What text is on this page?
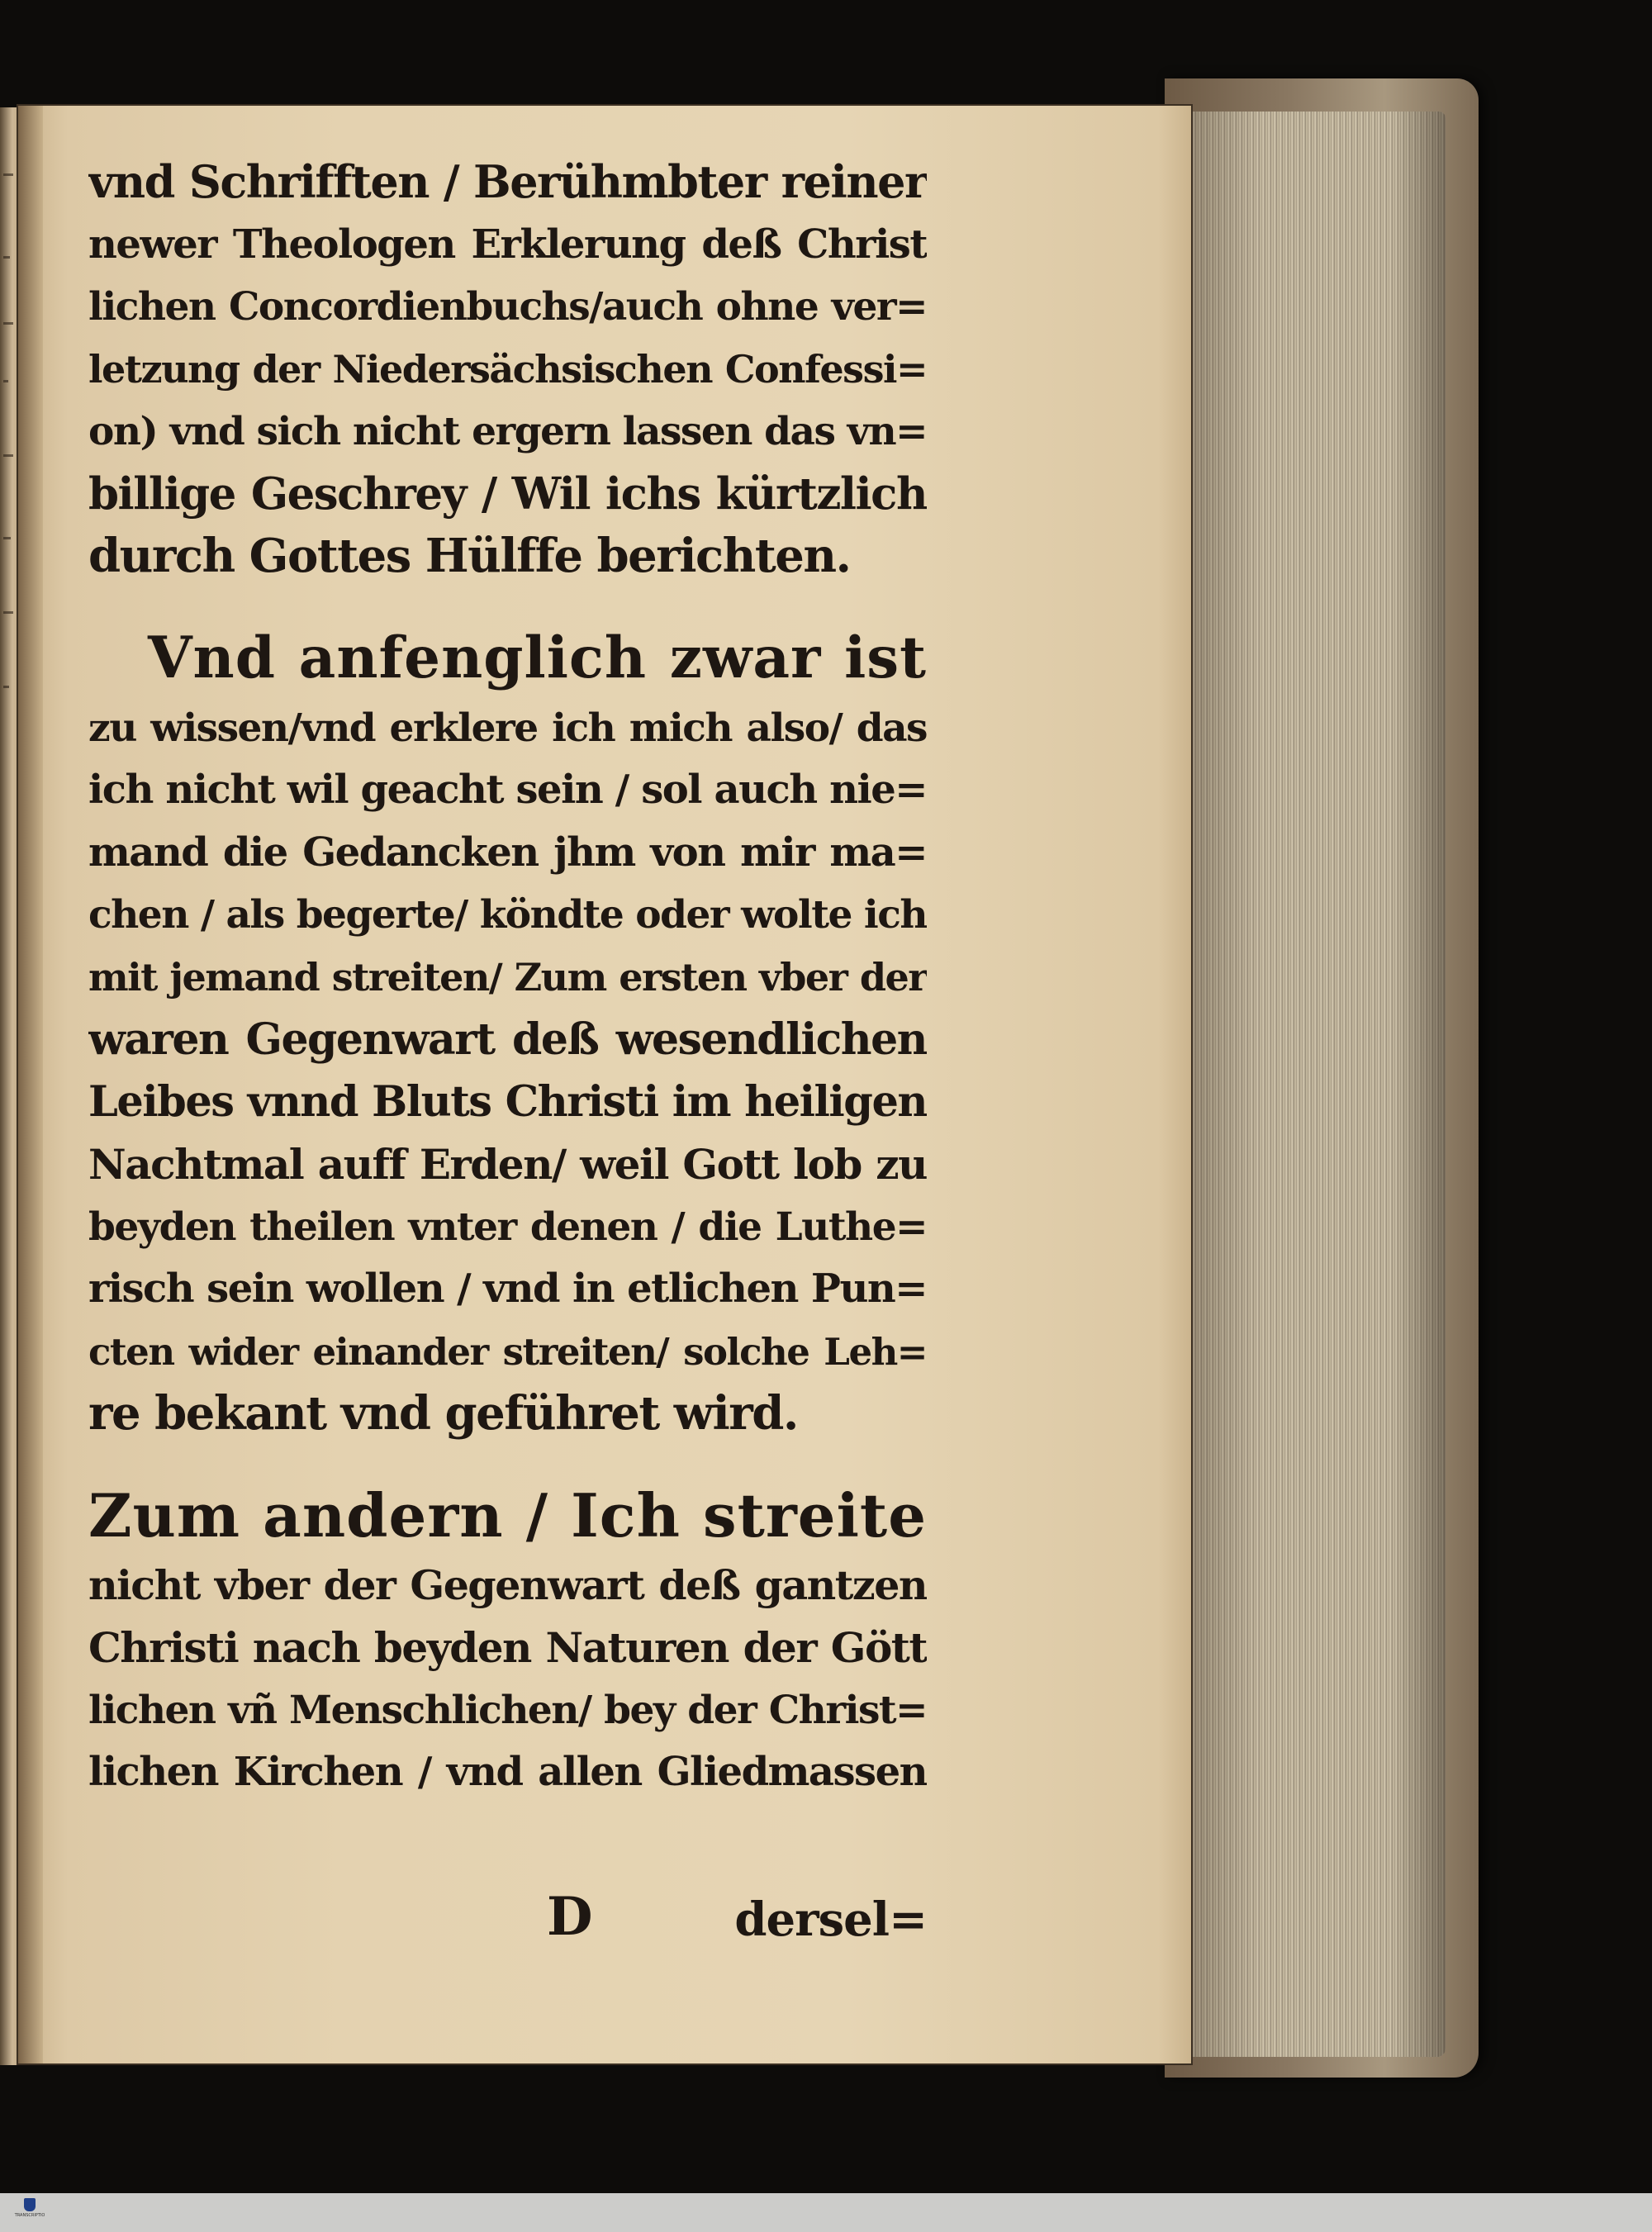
vnd Schrifften / Berühmbter reiner
newer Theologen Erklerung deß Christ
lichen Concordienbuchs/auch ohne ver=
letzung der Niedersächsischen Confessi=
on) vnd sich nicht ergern lassen das vn=
billige Geschrey / Wil ichs kürtzlich
durch Gottes Hülffe berichten.
Vnd anfenglich zwar ist
zu wissen/vnd erklere ich mich also/ das
ich nicht wil geacht sein / sol auch nie=
mand die Gedancken jhm von mir ma=
chen / als begerte/ köndte oder wolte ich
mit jemand streiten/ Zum ersten vber der
waren Gegenwart deß wesendlichen
Leibes vnnd Bluts Christi im heiligen
Nachtmal auff Erden/ weil Gott lob zu
beyden theilen vnter denen / die Luthe=
risch sein wollen / vnd in etlichen Pun=
cten wider einander streiten/ solche Leh=
re bekant vnd geführet wird.
Zum andern / Ich streite
nicht vber der Gegenwart deß gantzen
Christi nach beyden Naturen der Gött
lichen vñ Menschlichen/ bey der Christ=
lichen Kirchen / vnd allen Gliedmassen
D	dersel=
TRANSCRIPTIO
